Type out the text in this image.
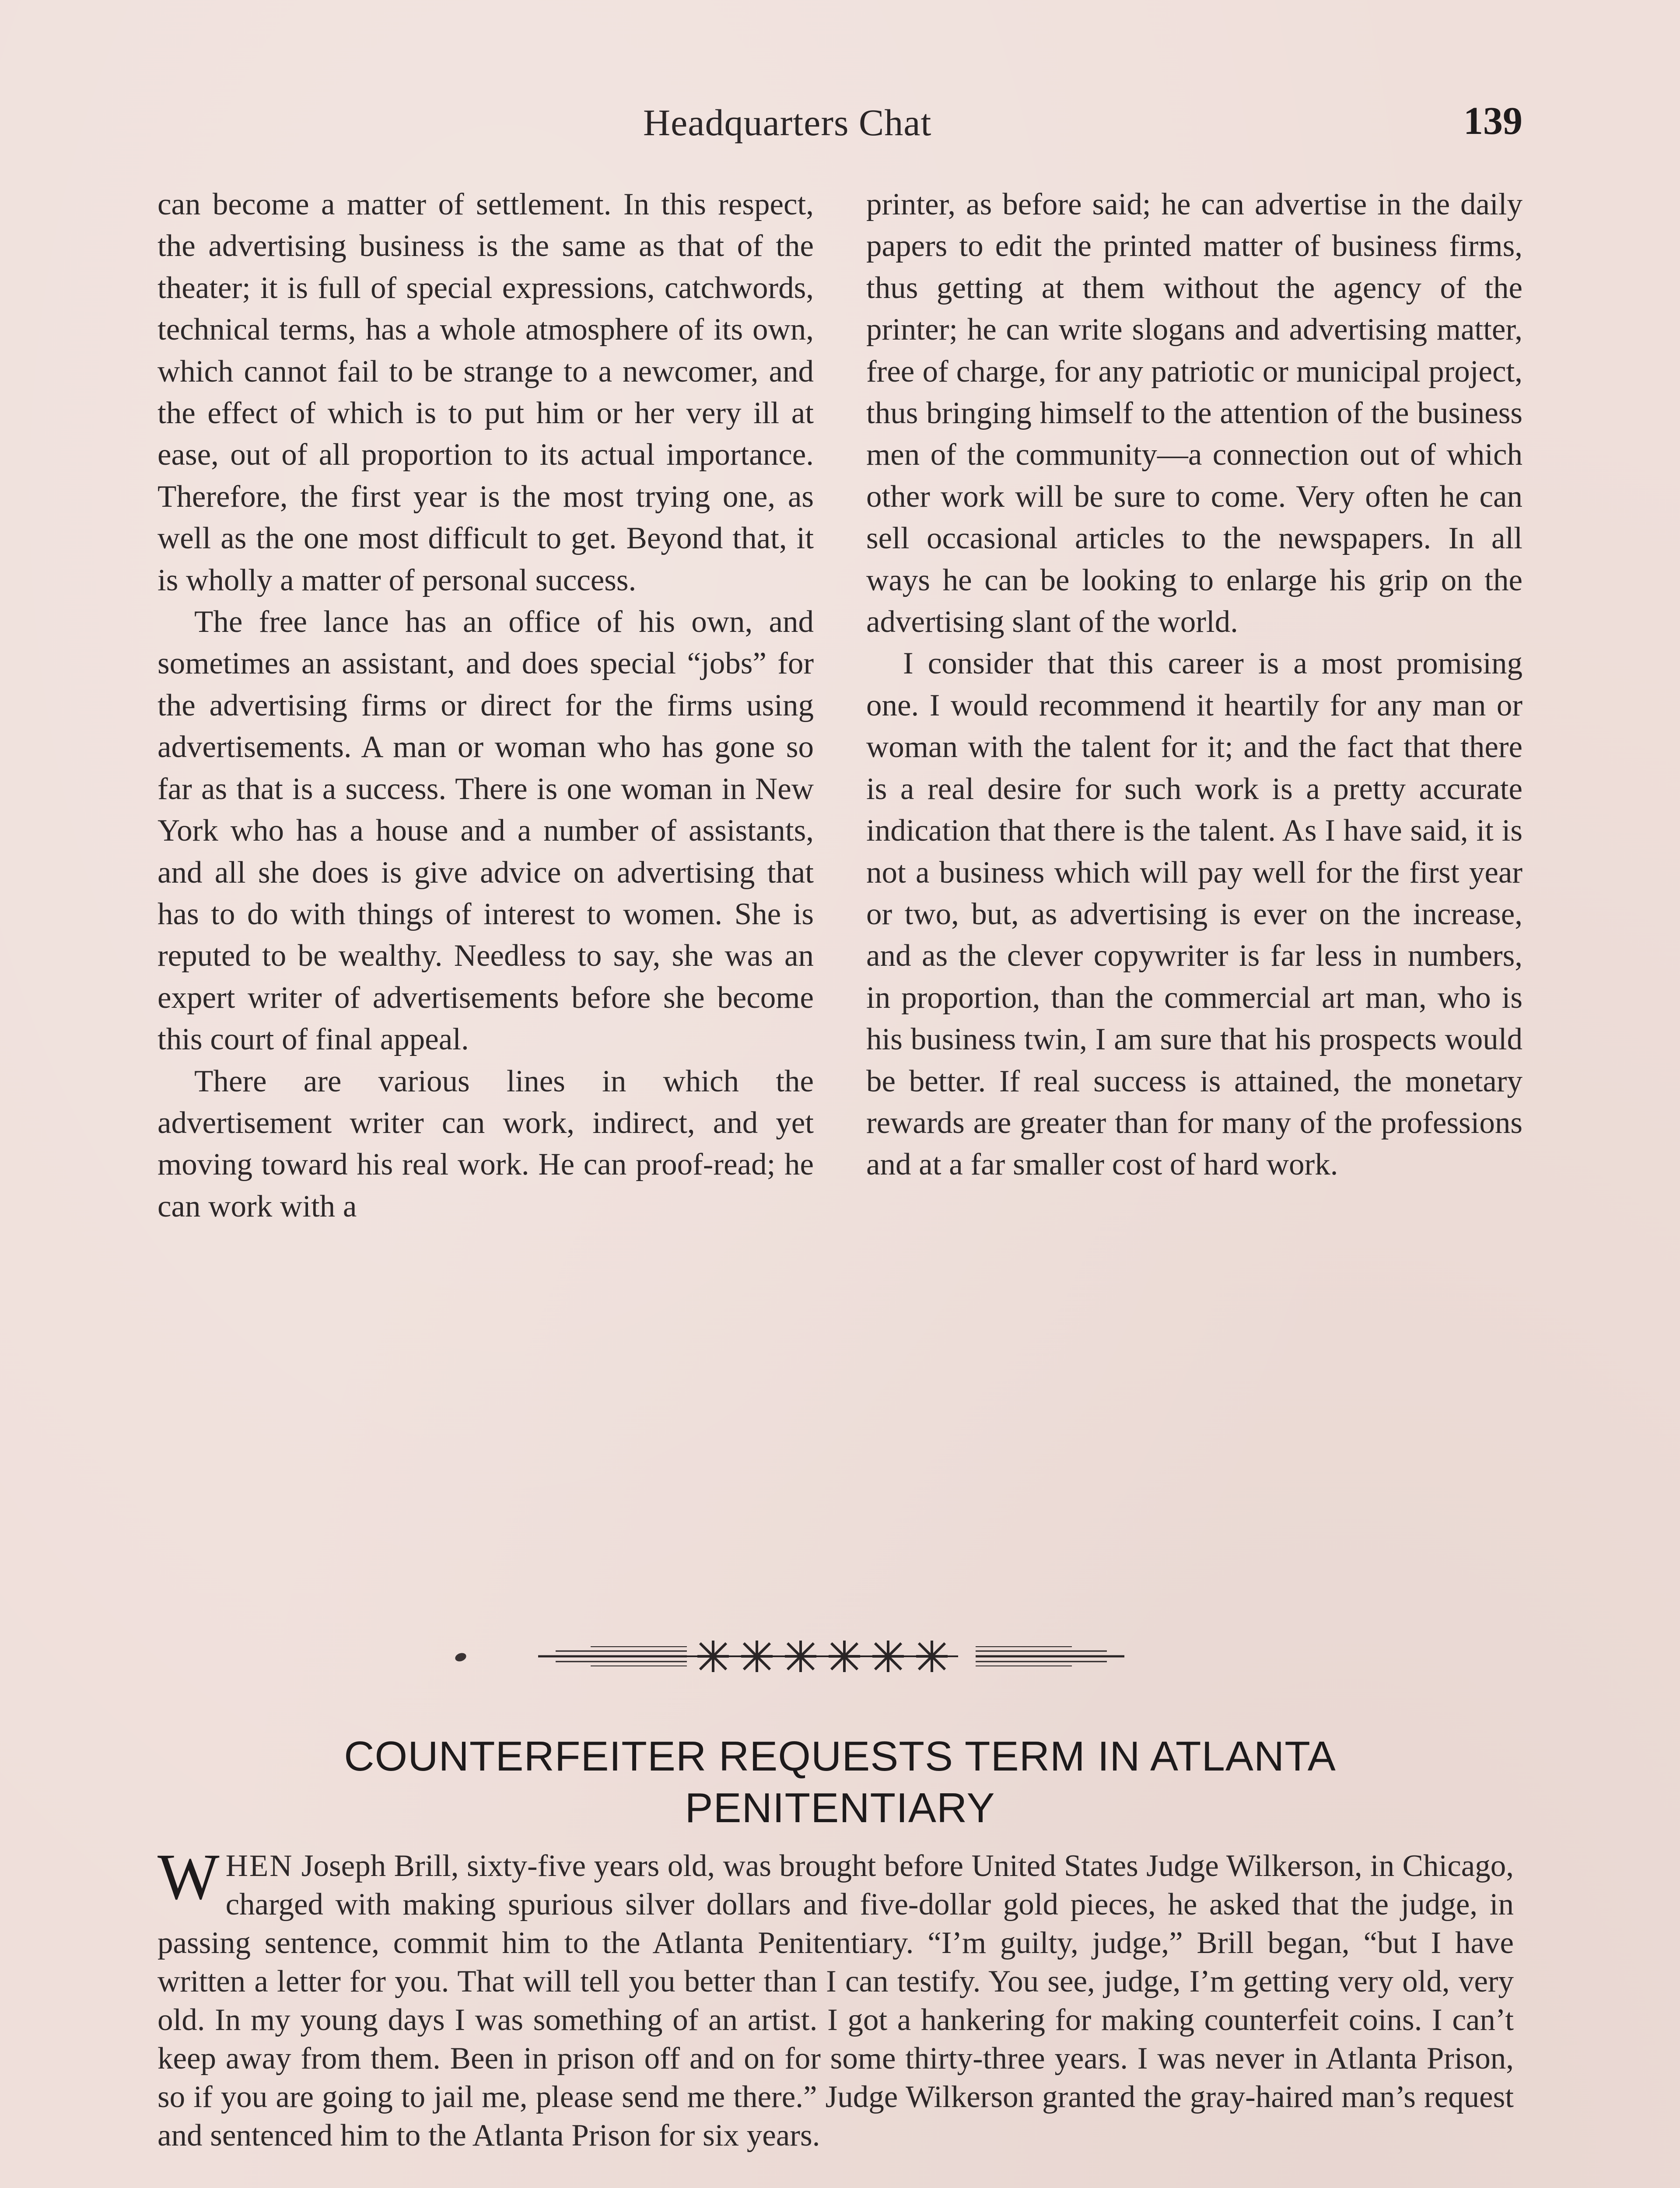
Headquarters Chat	139

can become a matter of settlement. In this respect, the advertising business is the same as that of the theater; it is full of special expressions, catchwords, technical terms, has a whole atmosphere of its own, which cannot fail to be strange to a newcomer, and the effect of which is to put him or her very ill at ease, out of all proportion to its actual importance. Therefore, the first year is the most trying one, as well as the one most difficult to get. Beyond that, it is wholly a matter of personal success.

The free lance has an office of his own, and sometimes an assistant, and does special “jobs” for the advertising firms or direct for the firms using advertisements. A man or woman who has gone so far as that is a success. There is one woman in New York who has a house and a number of assistants, and all she does is give advice on advertising that has to do with things of interest to women. She is reputed to be wealthy. Needless to say, she was an expert writer of advertisements before she become this court of final appeal.

There are various lines in which the advertisement writer can work, indirect, and yet moving toward his real work. He can proof-read; he can work with a

printer, as before said; he can advertise in the daily papers to edit the printed matter of business firms, thus getting at them without the agency of the printer; he can write slogans and advertising matter, free of charge, for any patriotic or municipal project, thus bringing himself to the attention of the business men of the community—a connection out of which other work will be sure to come. Very often he can sell occasional articles to the newspapers. In all ways he can be looking to enlarge his grip on the advertising slant of the world.

I consider that this career is a most promising one. I would recommend it heartily for any man or woman with the talent for it; and the fact that there is a real desire for such work is a pretty accurate indication that there is the talent. As I have said, it is not a business which will pay well for the first year or two, but, as advertising is ever on the increase, and as the clever copywriter is far less in numbers, in proportion, than the commercial art man, who is his business twin, I am sure that his prospects would be better. If real success is attained, the monetary rewards are greater than for many of the professions and at a far smaller cost of hard work.

COUNTERFEITER REQUESTS TERM IN ATLANTA
PENITENTIARY
WHEN Joseph Brill, sixty-five years old, was brought before United States Judge Wilkerson, in Chicago, charged with making spurious silver dollars and five-dollar gold pieces, he asked that the judge, in passing sentence, commit him to the Atlanta Penitentiary. “I’m guilty, judge,” Brill began, “but I have written a letter for you. That will tell you better than I can testify. You see, judge, I’m getting very old, very old. In my young days I was something of an artist. I got a hankering for making counterfeit coins. I can’t keep away from them. Been in prison off and on for some thirty-three years. I was never in Atlanta Prison, so if you are going to jail me, please send me there.” Judge Wilkerson granted the gray-haired man’s request and sentenced him to the Atlanta Prison for six years.
